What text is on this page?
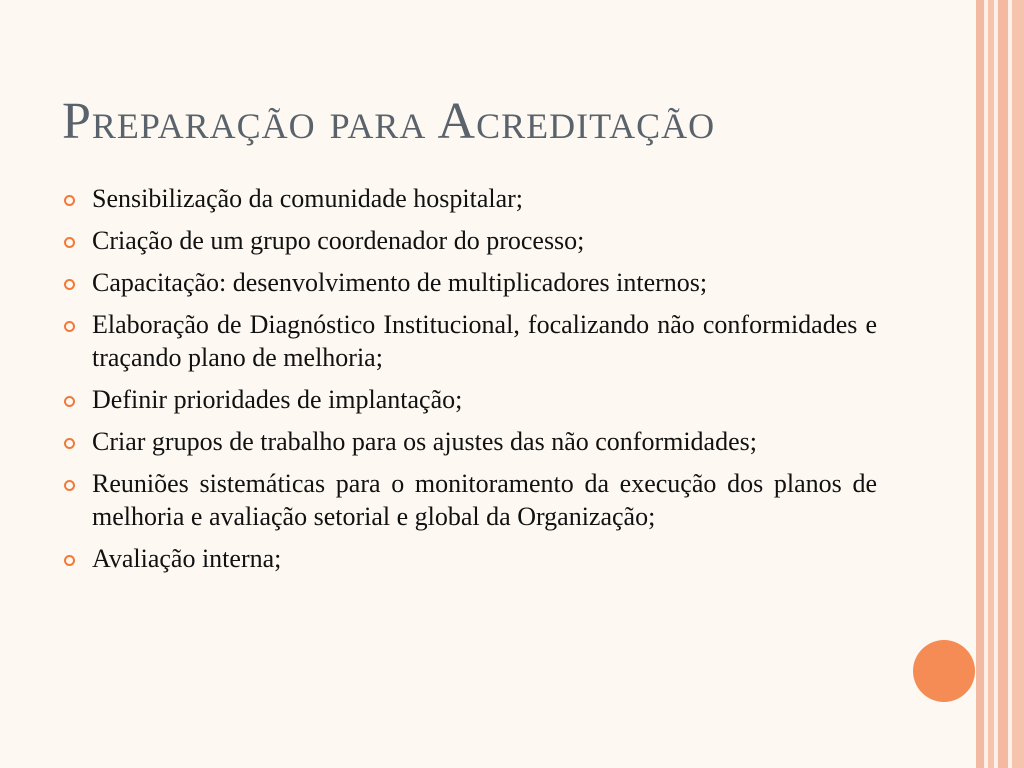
Preparação para Acreditação
Sensibilização da comunidade hospitalar;
Criação de um grupo coordenador do processo;
Capacitação: desenvolvimento de multiplicadores internos;
Elaboração de Diagnóstico Institucional, focalizando não conformidades e traçando plano de melhoria;
Definir prioridades de implantação;
Criar grupos de trabalho para os ajustes das não conformidades;
Reuniões sistemáticas para o monitoramento da execução dos planos de melhoria e avaliação setorial e global da Organização;
Avaliação interna;
